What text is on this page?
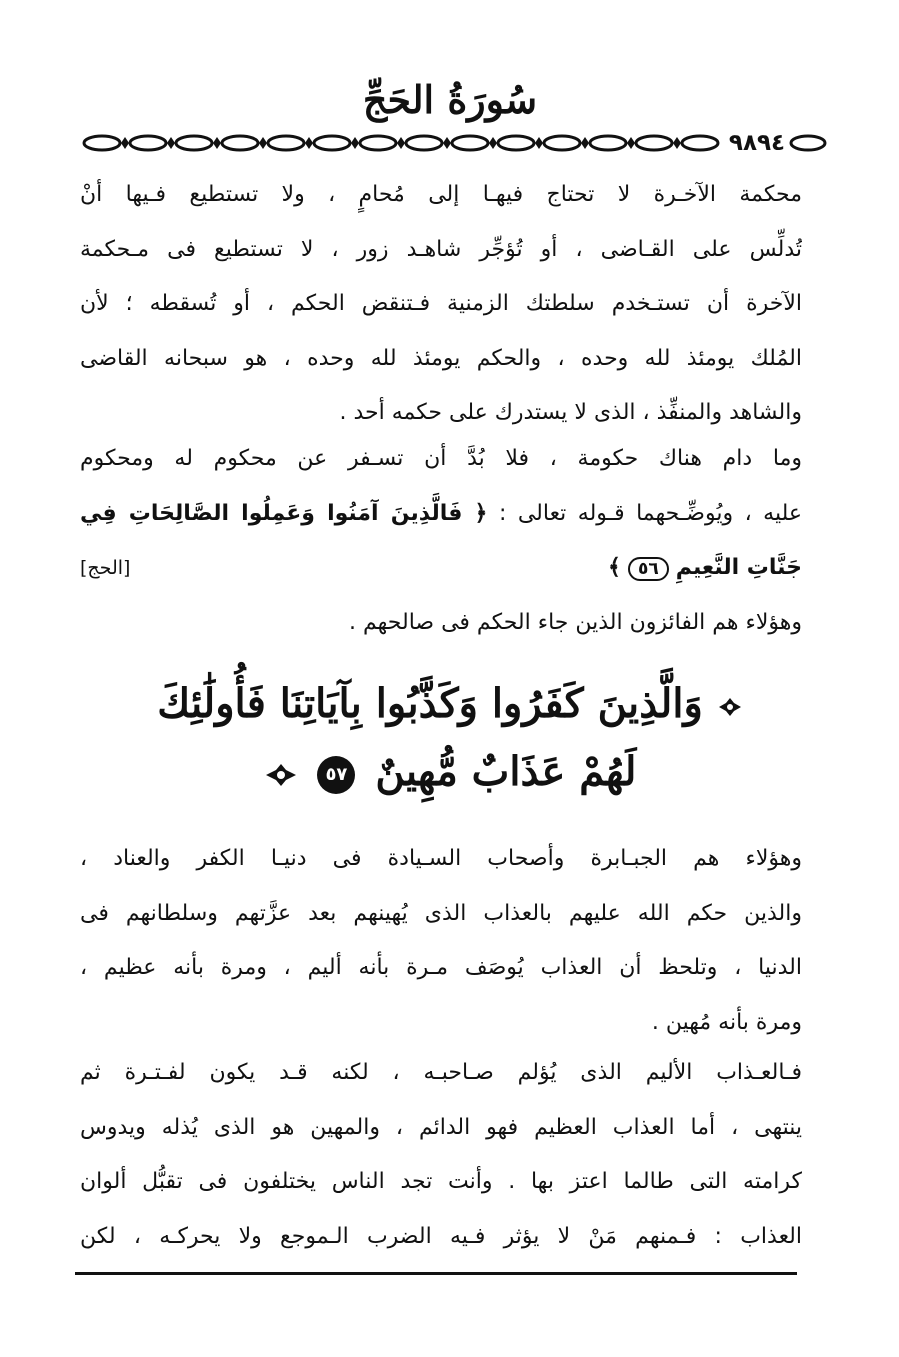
سُورَةُ الحَجِّ
٩٨٩٤
محكمة الآخـرة لا تحتاج فيهـا إلى مُحامٍ ، ولا تستطيع فـيها أنْ
تُدلِّس على القـاضى ، أو تُؤجِّر شاهـد زور ، لا تستطيع فى مـحكمة
الآخرة أن تستـخدم سلطتك الزمنية فـتنقض الحكم ، أو تُسقطه ؛ لأن
المُلك يومئذ لله وحده ، والحكم يومئذ لله وحده ، هو سبحانه القاضى
والشاهد والمنفِّذ ، الذى لا يستدرك على حكمه أحد .
وما دام هناك حكومة ، فلا بُدَّ أن تسـفر عن محكوم له ومحكوم
عليه ، ويُوضِّـحهما قـوله تعالى : ﴿ فَالَّذِينَ آمَنُوا وَعَمِلُوا الصَّالِحَاتِ فِي
جَنَّاتِ النَّعِيمِ ٥٦ ﴾
[الحج]
وهؤلاء هم الفائزون الذين جاء الحكم فى صالحهم .
وَالَّذِينَ كَفَرُوا وَكَذَّبُوا بِآيَاتِنَا فَأُولَٰئِكَ
لَهُمْ عَذَابٌ مُّهِينٌ ٥٧
وهؤلاء هم الجبـابرة وأصحاب السـيادة فى دنيـا الكفر والعناد ،
والذين حكم الله عليهم بالعذاب الذى يُهينهم بعد عزَّتهم وسلطانهم فى
الدنيا ، وتلحظ أن العذاب يُوصَف مـرة بأنه أليم ، ومرة بأنه عظيم ،
ومرة بأنه مُهين .
فـالعـذاب الأليم الذى يُؤلم صـاحبـه ، لكنه قـد يكون لفـتـرة ثم
ينتهى ، أما العذاب العظيم فهو الدائم ، والمهين هو الذى يُذله ويدوس
كرامته التى طالما اعتز بها . وأنت تجد الناس يختلفون فى تقبُّل ألوان
العذاب : فـمنهم مَنْ لا يؤثر فـيه الضرب الـموجع ولا يحركـه ، لكن
